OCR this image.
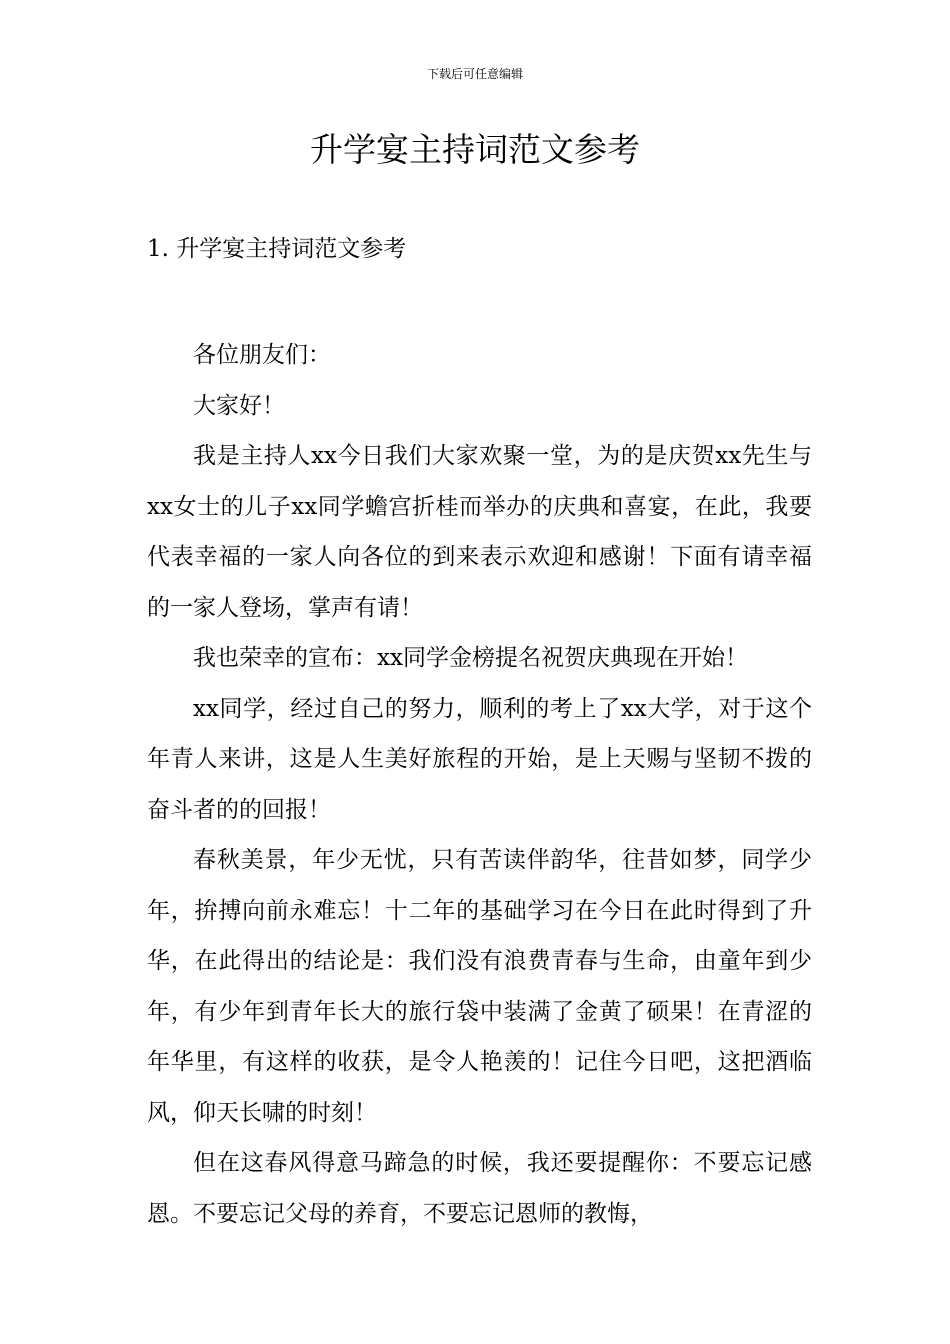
下载后可任意编辑
升学宴主持词范文参考
1. 升学宴主持词范文参考

各位朋友们：

大家好！

我是主持人xx今日我们大家欢聚一堂，为的是庆贺xx先生与xx女士的儿子xx同学蟾宫折桂而举办的庆典和喜宴，在此，我要代表幸福的一家人向各位的到来表示欢迎和感谢！下面有请幸福的一家人登场，掌声有请！

我也荣幸的宣布：xx同学金榜提名祝贺庆典现在开始！

xx同学，经过自己的努力，顺利的考上了xx大学，对于这个年青人来讲，这是人生美好旅程的开始，是上天赐与坚韧不拨的奋斗者的的回报！

春秋美景，年少无忧，只有苦读伴韵华，往昔如梦，同学少年，拚搏向前永难忘！十二年的基础学习在今日在此时得到了升华，在此得出的结论是：我们没有浪费青春与生命，由童年到少年，有少年到青年长大的旅行袋中装满了金黄了硕果！在青涩的年华里，有这样的收获，是令人艳羡的！记住今日吧，这把酒临风，仰天长啸的时刻！

但在这春风得意马蹄急的时候，我还要提醒你：不要忘记感恩。不要忘记父母的养育，不要忘记恩师的教悔，
